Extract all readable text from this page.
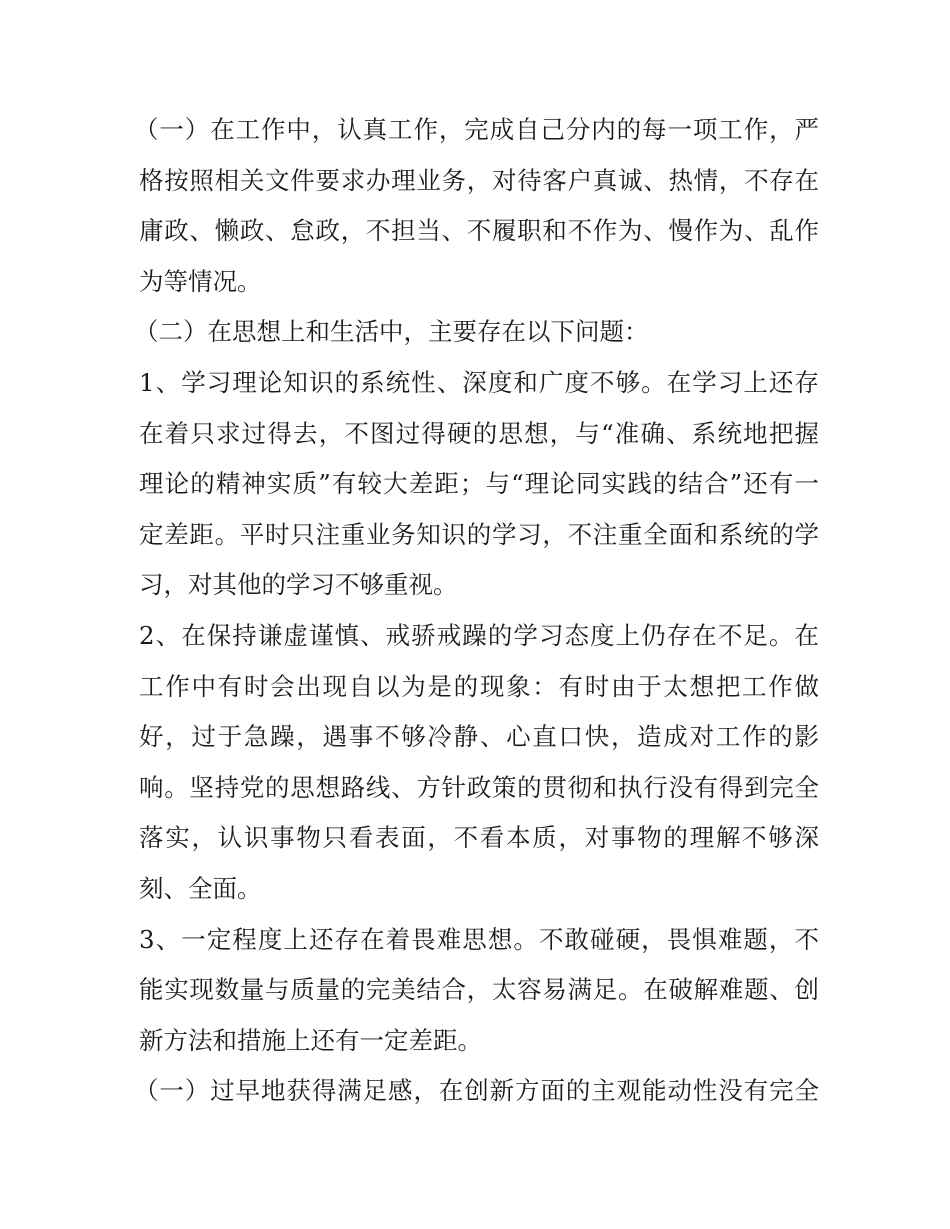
（一）在工作中，认真工作，完成自己分内的每一项工作，严
格按照相关文件要求办理业务，对待客户真诚、热情，不存在
庸政、懒政、怠政，不担当、不履职和不作为、慢作为、乱作
为等情况。
（二）在思想上和生活中，主要存在以下问题：
1、学习理论知识的系统性、深度和广度不够。在学习上还存
在着只求过得去，不图过得硬的思想，与“准确、系统地把握
理论的精神实质”有较大差距；与“理论同实践的结合”还有一
定差距。平时只注重业务知识的学习，不注重全面和系统的学
习，对其他的学习不够重视。
2、在保持谦虚谨慎、戒骄戒躁的学习态度上仍存在不足。在
工作中有时会出现自以为是的现象：有时由于太想把工作做
好，过于急躁，遇事不够冷静、心直口快，造成对工作的影
响。坚持党的思想路线、方针政策的贯彻和执行没有得到完全
落实，认识事物只看表面，不看本质，对事物的理解不够深
刻、全面。
3、一定程度上还存在着畏难思想。不敢碰硬，畏惧难题，不
能实现数量与质量的完美结合，太容易满足。在破解难题、创
新方法和措施上还有一定差距。
（一）过早地获得满足感，在创新方面的主观能动性没有完全
